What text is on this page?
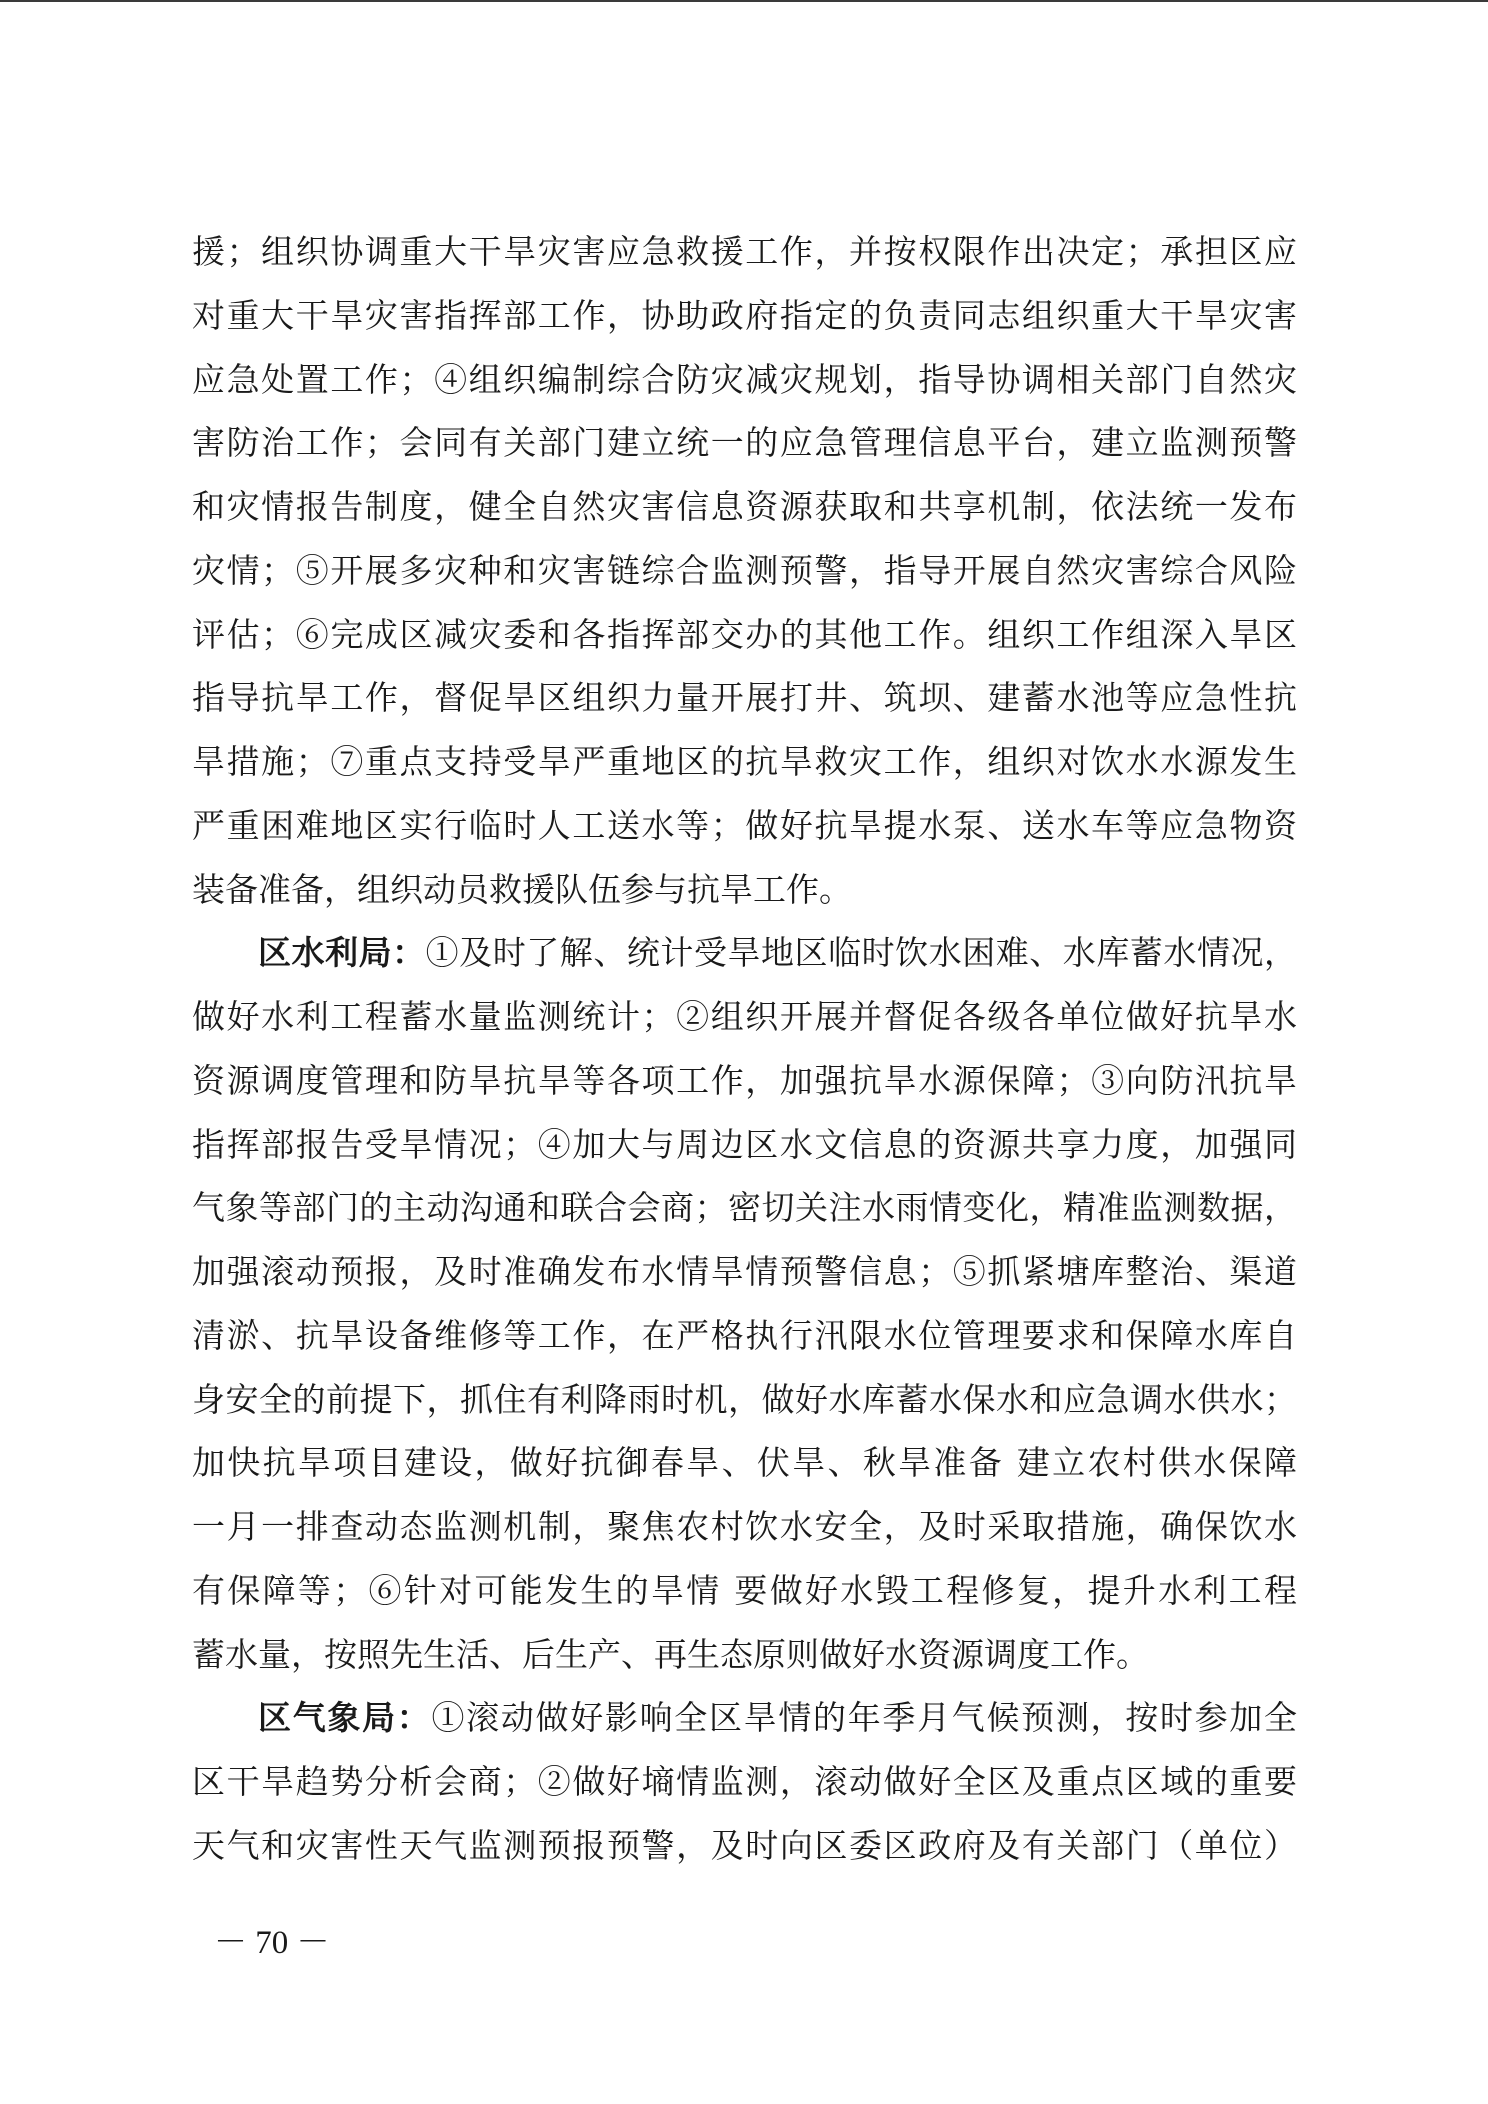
援；组织协调重大干旱灾害应急救援工作，并按权限作出决定；承担区应
对重大干旱灾害指挥部工作，协助政府指定的负责同志组织重大干旱灾害
应急处置工作；④组织编制综合防灾减灾规划，指导协调相关部门自然灾
害防治工作；会同有关部门建立统一的应急管理信息平台，建立监测预警
和灾情报告制度，健全自然灾害信息资源获取和共享机制，依法统一发布
灾情；⑤开展多灾种和灾害链综合监测预警，指导开展自然灾害综合风险
评估；⑥完成区减灾委和各指挥部交办的其他工作。组织工作组深入旱区
指导抗旱工作，督促旱区组织力量开展打井、筑坝、建蓄水池等应急性抗
旱措施；⑦重点支持受旱严重地区的抗旱救灾工作，组织对饮水水源发生
严重困难地区实行临时人工送水等；做好抗旱提水泵、送水车等应急物资
装备准备，组织动员救援队伍参与抗旱工作。
区水利局：①及时了解、统计受旱地区临时饮水困难、水库蓄水情况，
做好水利工程蓄水量监测统计；②组织开展并督促各级各单位做好抗旱水
资源调度管理和防旱抗旱等各项工作，加强抗旱水源保障；③向防汛抗旱
指挥部报告受旱情况；④加大与周边区水文信息的资源共享力度，加强同
气象等部门的主动沟通和联合会商；密切关注水雨情变化，精准监测数据，
加强滚动预报，及时准确发布水情旱情预警信息；⑤抓紧塘库整治、渠道
清淤、抗旱设备维修等工作，在严格执行汛限水位管理要求和保障水库自
身安全的前提下，抓住有利降雨时机，做好水库蓄水保水和应急调水供水；
加快抗旱项目建设，做好抗御春旱、伏旱、秋旱准备 建立农村供水保障
一月一排查动态监测机制，聚焦农村饮水安全，及时采取措施，确保饮水
有保障等；⑥针对可能发生的旱情 要做好水毁工程修复，提升水利工程
蓄水量，按照先生活、后生产、再生态原则做好水资源调度工作。
区气象局：①滚动做好影响全区旱情的年季月气候预测，按时参加全
区干旱趋势分析会商；②做好墒情监测，滚动做好全区及重点区域的重要
天气和灾害性天气监测预报预警，及时向区委区政府及有关部门（单位）
－ 70 －
